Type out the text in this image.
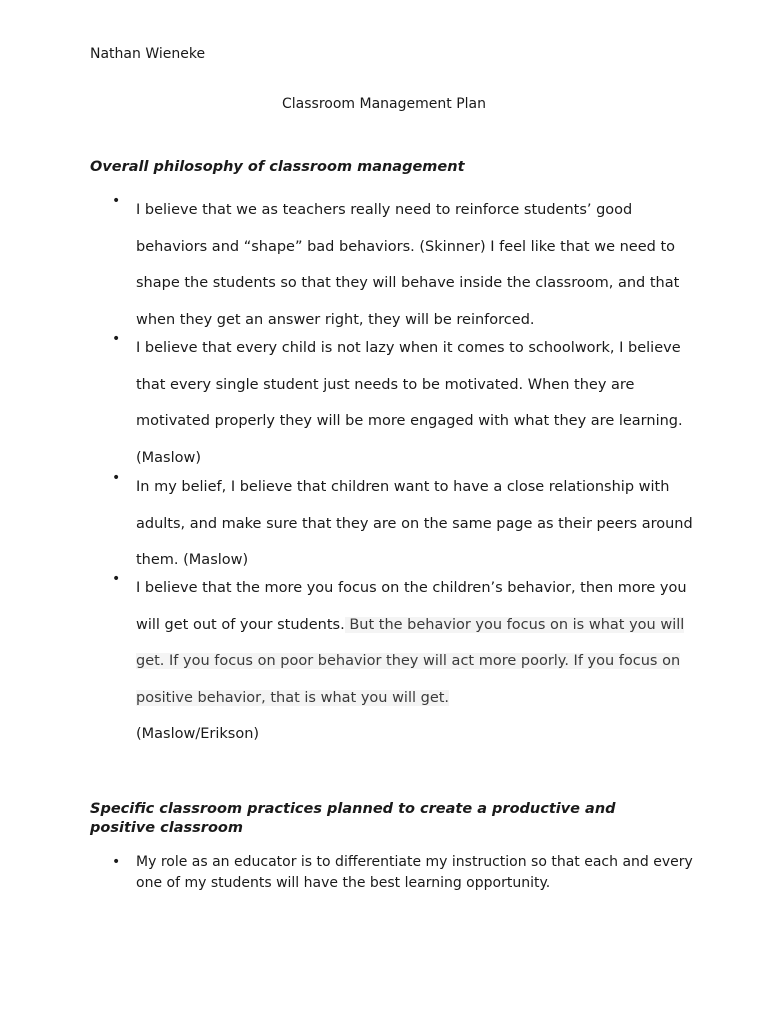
Nathan Wieneke
Classroom Management Plan
Overall philosophy of classroom management
•
I believe that we as teachers really need to reinforce students’ good behaviors and “shape” bad behaviors. (Skinner) I feel like that we need to shape the students so that they will behave inside the classroom, and that when they get an answer right, they will be reinforced.
•
I believe that every child is not lazy when it comes to schoolwork, I believe that every single student just needs to be motivated. When they are motivated properly they will be more engaged with what they are learning. (Maslow)
•
In my belief, I believe that children want to have a close relationship with adults, and make sure that they are on the same page as their peers around them. (Maslow)
•
I believe that the more you focus on the children’s behavior, then more you will get out of your students. But the behavior you focus on is what you will get. If you focus on poor behavior they will act more poorly. If you focus on positive behavior, that is what you will get.
(Maslow/Erikson)
Specific classroom practices planned to create a productive and positive classroom
• My role as an educator is to differentiate my instruction so that each and every one of my students will have the best learning opportunity.
